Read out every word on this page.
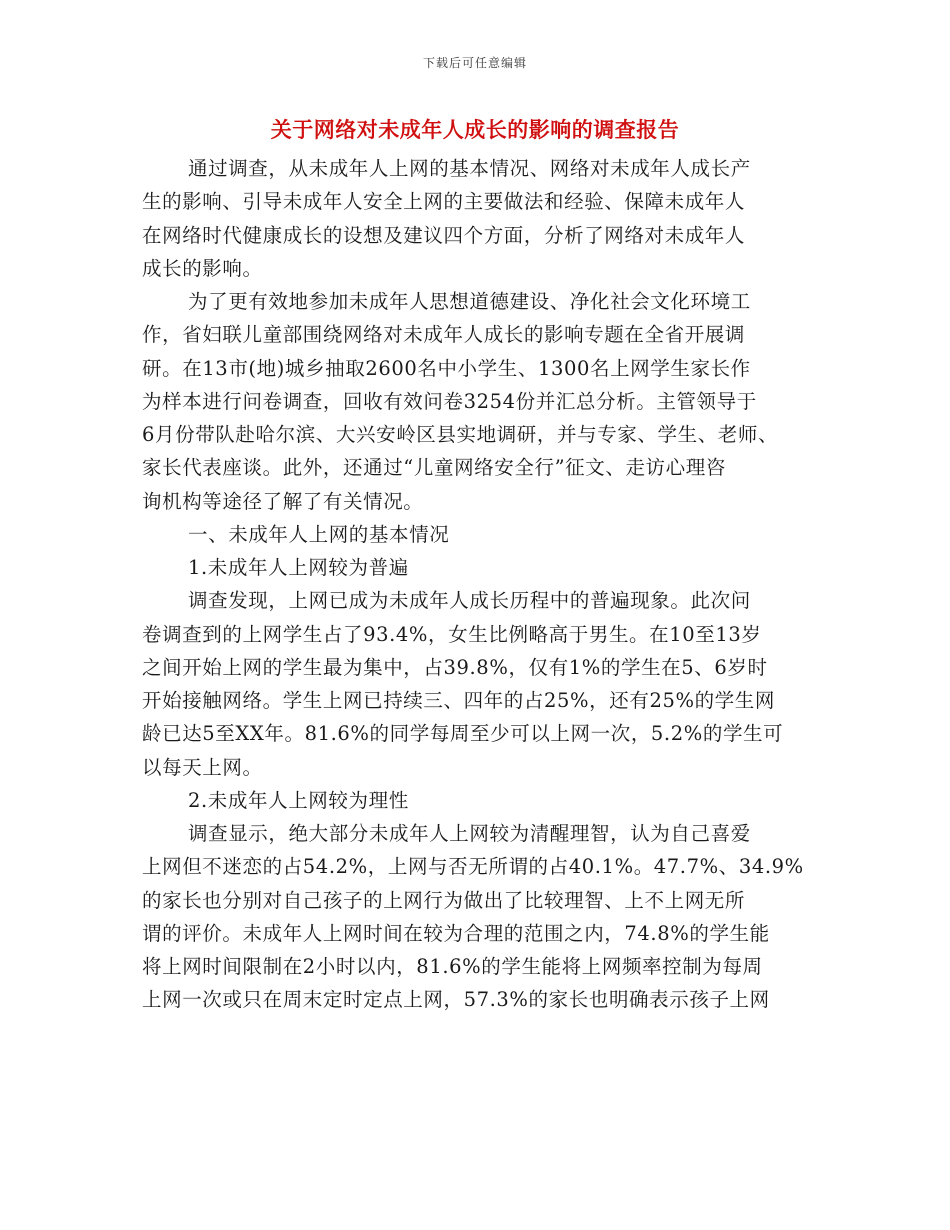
下载后可任意编辑
关于网络对未成年人成长的影响的调查报告
通过调查，从未成年人上网的基本情况、网络对未成年人成长产
生的影响、引导未成年人安全上网的主要做法和经验、保障未成年人
在网络时代健康成长的设想及建议四个方面，分析了网络对未成年人
成长的影响。
为了更有效地参加未成年人思想道德建设、净化社会文化环境工
作，省妇联儿童部围绕网络对未成年人成长的影响专题在全省开展调
研。在13市(地)城乡抽取2600名中小学生、1300名上网学生家长作
为样本进行问卷调查，回收有效问卷3254份并汇总分析。主管领导于
6月份带队赴哈尔滨、大兴安岭区县实地调研，并与专家、学生、老师、
家长代表座谈。此外，还通过“儿童网络安全行”征文、走访心理咨
询机构等途径了解了有关情况。
一、未成年人上网的基本情况
1.未成年人上网较为普遍
调查发现，上网已成为未成年人成长历程中的普遍现象。此次问
卷调查到的上网学生占了93.4%，女生比例略高于男生。在10至13岁
之间开始上网的学生最为集中，占39.8%，仅有1%的学生在5、6岁时
开始接触网络。学生上网已持续三、四年的占25%，还有25%的学生网
龄已达5至XX年。81.6%的同学每周至少可以上网一次，5.2%的学生可
以每天上网。
2.未成年人上网较为理性
调查显示，绝大部分未成年人上网较为清醒理智，认为自己喜爱
上网但不迷恋的占54.2%，上网与否无所谓的占40.1%。47.7%、34.9%
的家长也分别对自己孩子的上网行为做出了比较理智、上不上网无所
谓的评价。未成年人上网时间在较为合理的范围之内，74.8%的学生能
将上网时间限制在2小时以内，81.6%的学生能将上网频率控制为每周
上网一次或只在周末定时定点上网，57.3%的家长也明确表示孩子上网
